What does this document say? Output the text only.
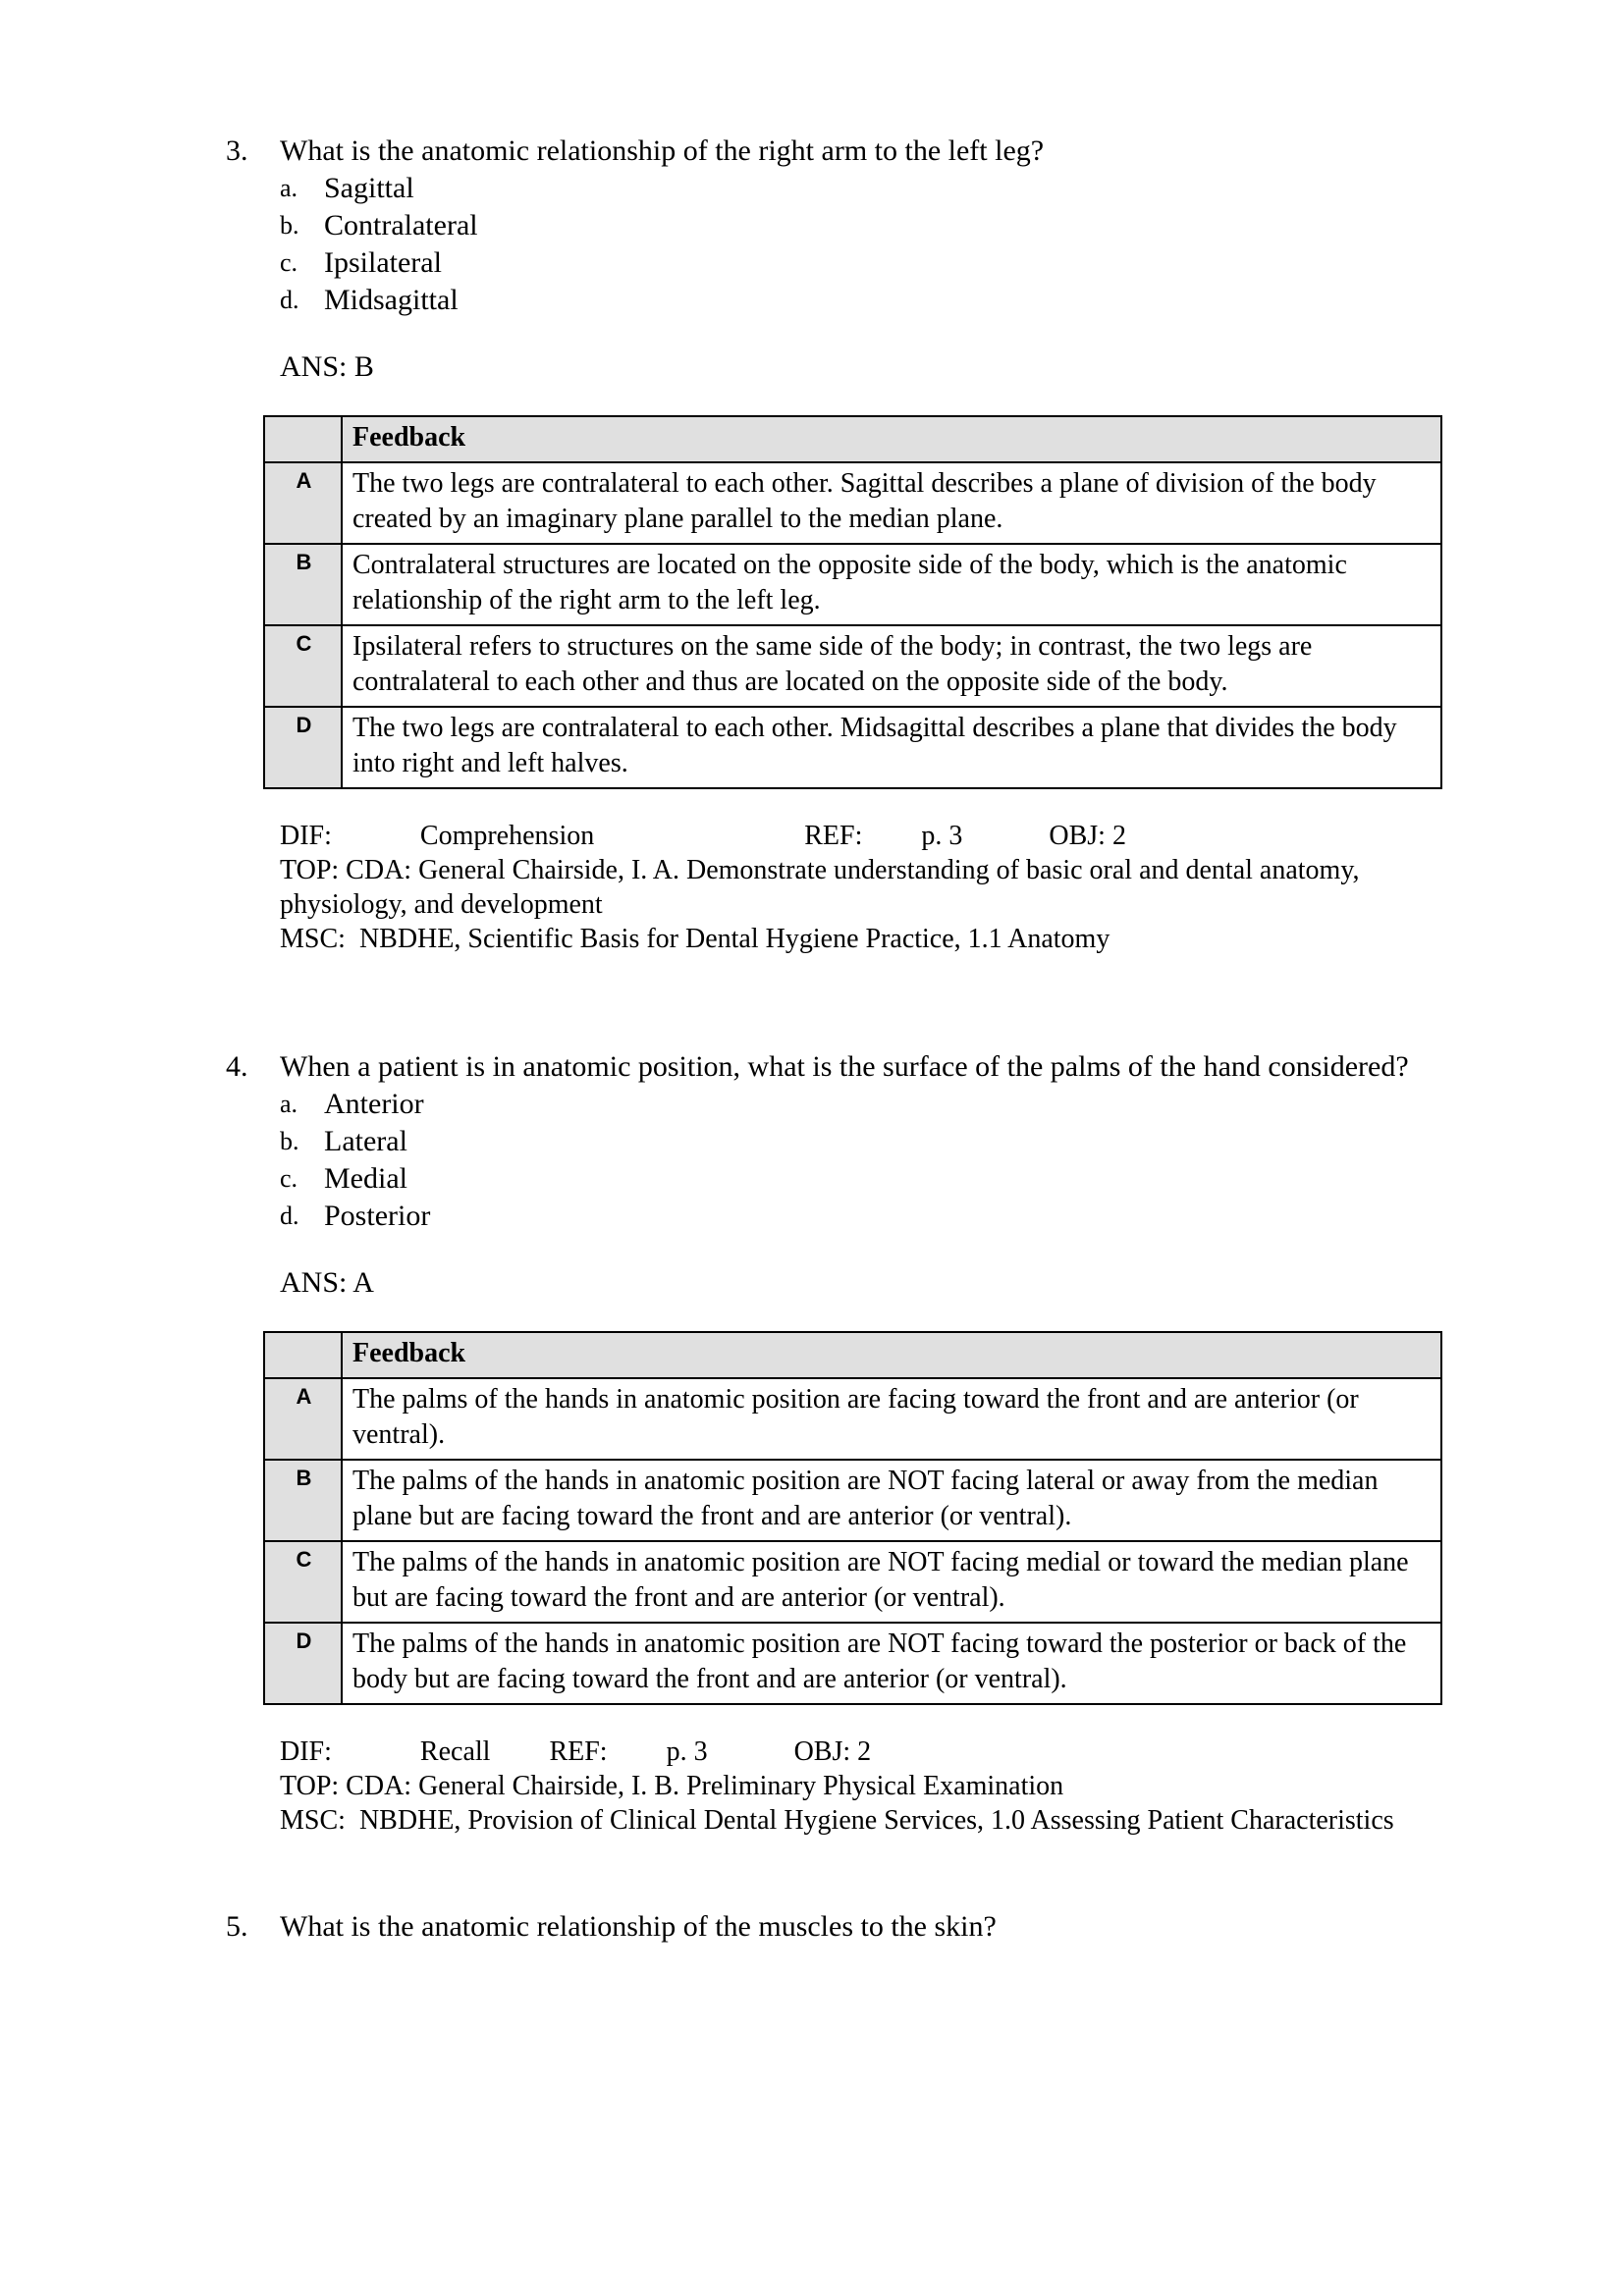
3.	What is the anatomic relationship of the right arm to the left leg?
a. Sagittal
b. Contralateral
c. Ipsilateral
d. Midsagittal
ANS: B
	Feedback
A	The two legs are contralateral to each other. Sagittal describes a plane of division of the body created by an imaginary plane parallel to the median plane.
B	Contralateral structures are located on the opposite side of the body, which is the anatomic relationship of the right arm to the left leg.
C	Ipsilateral refers to structures on the same side of the body; in contrast, the two legs are contralateral to each other and thus are located on the opposite side of the body.
D	The two legs are contralateral to each other. Midsagittal describes a plane that divides the body into right and left halves.
DIF:	Comprehension	REF: p. 3	OBJ: 2
TOP: CDA: General Chairside, I. A. Demonstrate understanding of basic oral and dental anatomy, physiology, and development
MSC: NBDHE, Scientific Basis for Dental Hygiene Practice, 1.1 Anatomy
4.	When a patient is in anatomic position, what is the surface of the palms of the hand considered?
a. Anterior
b. Lateral
c. Medial
d. Posterior
ANS: A
	Feedback
A	The palms of the hands in anatomic position are facing toward the front and are anterior (or ventral).
B	The palms of the hands in anatomic position are NOT facing lateral or away from the median plane but are facing toward the front and are anterior (or ventral).
C	The palms of the hands in anatomic position are NOT facing medial or toward the median plane but are facing toward the front and are anterior (or ventral).
D	The palms of the hands in anatomic position are NOT facing toward the posterior or back of the body but are facing toward the front and are anterior (or ventral).
DIF:	Recall REF: p. 3	OBJ: 2
TOP: CDA: General Chairside, I. B. Preliminary Physical Examination
MSC: NBDHE, Provision of Clinical Dental Hygiene Services, 1.0 Assessing Patient Characteristics
5.	What is the anatomic relationship of the muscles to the skin?
